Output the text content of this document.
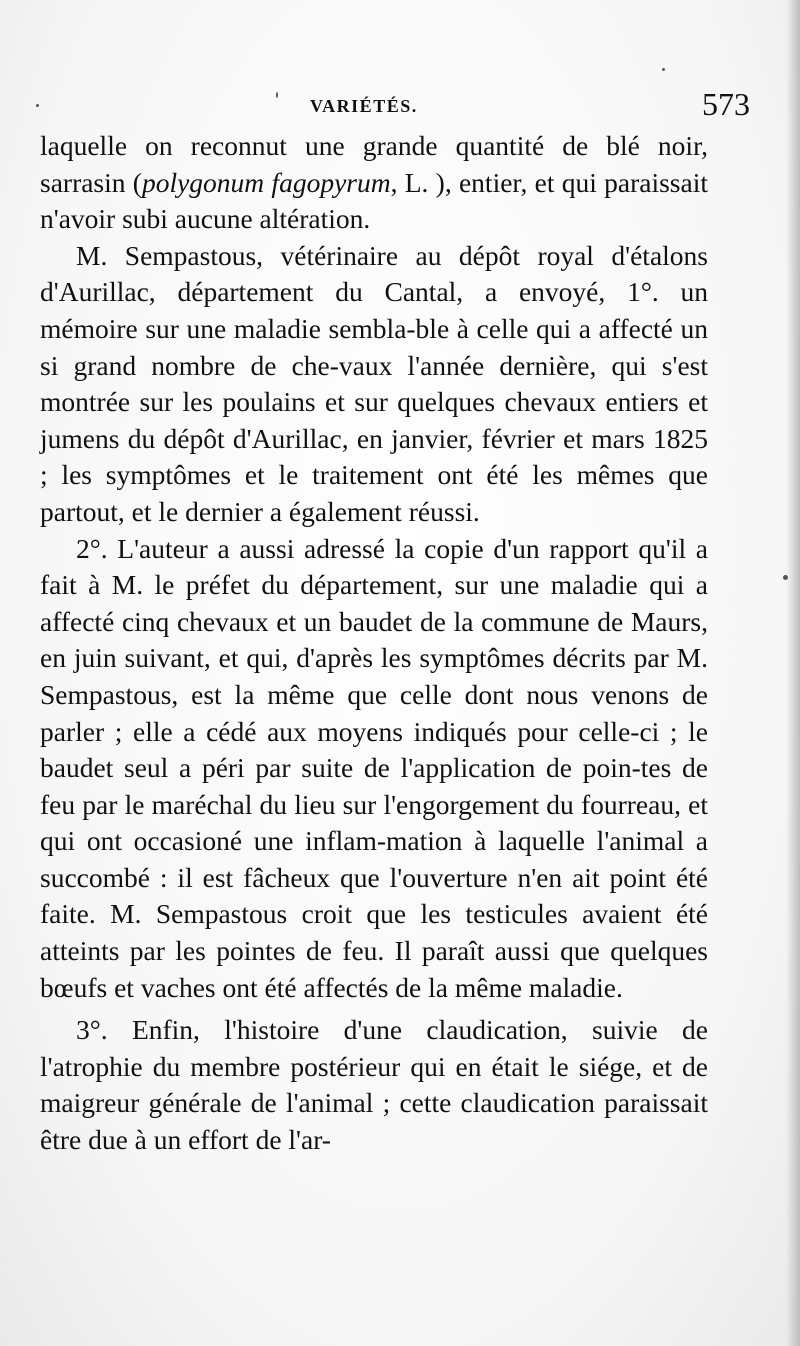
VARIÉTÉS.	573

laquelle on reconnut une grande quantité de blé noir, sarrasin (polygonum fagopyrum, L. ), entier, et qui paraissait n'avoir subi aucune altération.

M. Sempastous, vétérinaire au dépôt royal d'étalons d'Aurillac, département du Cantal, a envoyé, 1°. un mémoire sur une maladie sembla-ble à celle qui a affecté un si grand nombre de che-vaux l'année dernière, qui s'est montrée sur les poulains et sur quelques chevaux entiers et jumens du dépôt d'Aurillac, en janvier, février et mars 1825 ; les symptômes et le traitement ont été les mêmes que partout, et le dernier a également réussi.

2°. L'auteur a aussi adressé la copie d'un rapport qu'il a fait à M. le préfet du département, sur une maladie qui a affecté cinq chevaux et un baudet de la commune de Maurs, en juin suivant, et qui, d'après les symptômes décrits par M. Sempastous, est la même que celle dont nous venons de parler ; elle a cédé aux moyens indiqués pour celle-ci ; le baudet seul a péri par suite de l'application de poin-tes de feu par le maréchal du lieu sur l'engorgement du fourreau, et qui ont occasioné une inflam-mation à laquelle l'animal a succombé : il est fâcheux que l'ouverture n'en ait point été faite. M. Sempastous croit que les testicules avaient été atteints par les pointes de feu. Il paraît aussi que quelques bœufs et vaches ont été affectés de la même maladie.

3°. Enfin, l'histoire d'une claudication, suivie de l'atrophie du membre postérieur qui en était le siége, et de maigreur générale de l'animal ; cette claudication paraissait être due à un effort de l'ar-
